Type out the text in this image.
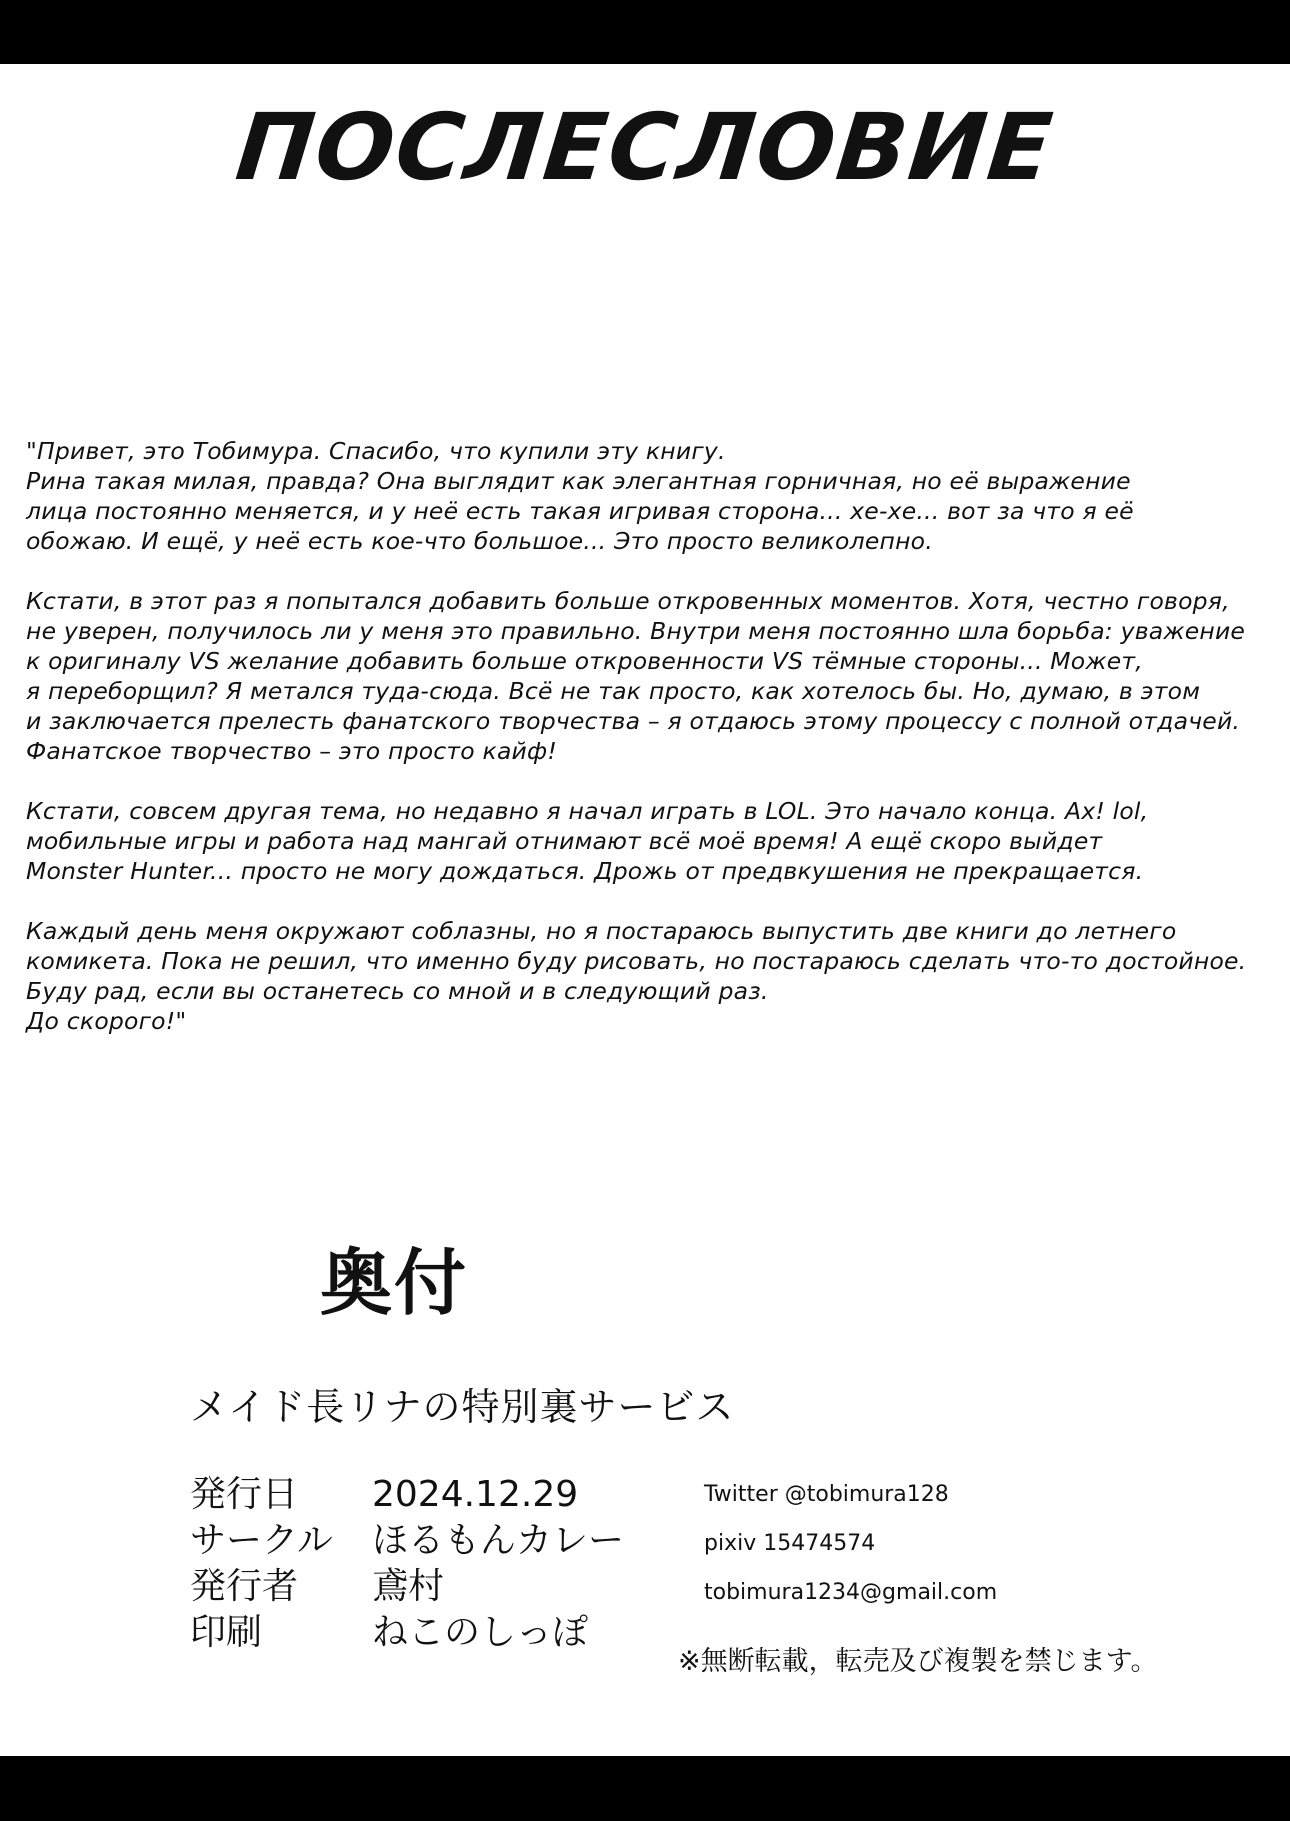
ПОСЛЕСЛОВИЕ

"Привет, это Тобимура. Спасибо, что купили эту книгу.
Рина такая милая, правда? Она выглядит как элегантная горничная, но её выражение
лица постоянно меняется, и у неё есть такая игривая сторона... хе-хе... вот за что я её
обожаю. И ещё, у неё есть кое-что большое... Это просто великолепно.

Кстати, в этот раз я попытался добавить больше откровенных моментов. Хотя, честно говоря,
не уверен, получилось ли у меня это правильно. Внутри меня постоянно шла борьба: уважение
к оригиналу VS желание добавить больше откровенности VS тёмные стороны... Может,
я переборщил? Я метался туда-сюда. Всё не так просто, как хотелось бы. Но, думаю, в этом
и заключается прелесть фанатского творчества – я отдаюсь этому процессу с полной отдачей.
Фанатское творчество – это просто кайф!

Кстати, совсем другая тема, но недавно я начал играть в LOL. Это начало конца. Ах! lol,
мобильные игры и работа над мангай отнимают всё моё время! А ещё скоро выйдет
Monster Hunter... просто не могу дождаться. Дрожь от предвкушения не прекращается.

Каждый день меня окружают соблазны, но я постараюсь выпустить две книги до летнего
комикета. Пока не решил, что именно буду рисовать, но постараюсь сделать что-то достойное.
Буду рад, если вы останетесь со мной и в следующий раз.
До скорого!"

奥付
メイド長リナの特別裏サービス
発行日	2024.12.29
サークル	ほるもんカレー
発行者	鳶村
印刷	ねこのしっぽ
Twitter @tobimura128
pixiv 15474574
tobimura1234@gmail.com
※無断転載，転売及び複製を禁じます。
